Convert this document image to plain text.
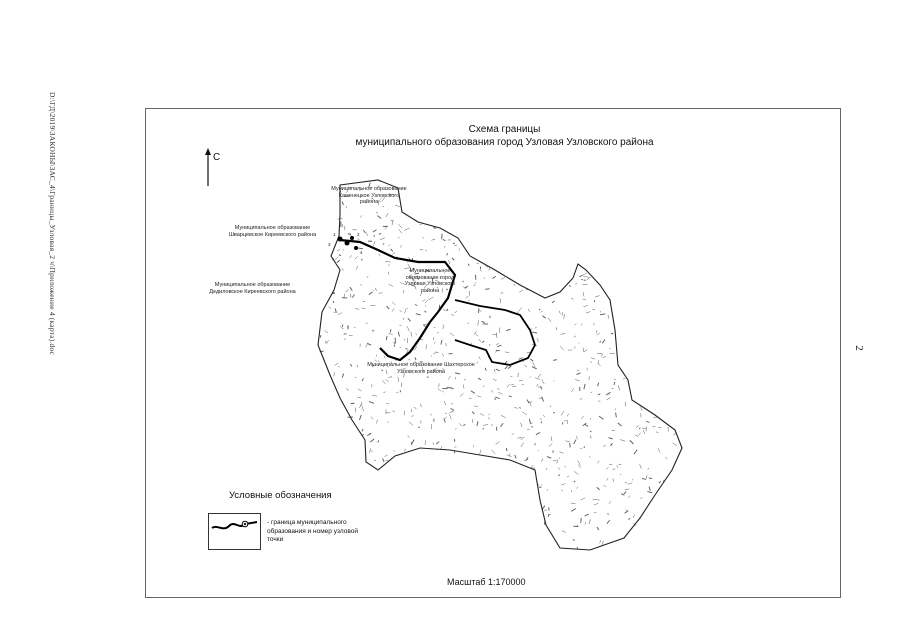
D:\ГД\2019\ЗАКОНЫ\ЗАС_4\Границы_Узловая_2 ч\Приложение 4 (карта).doc	2
Схема границы
муниципального образования город Узловая Узловского района
С
Муниципальное образование Каменецкое Узловского района
Муниципальное образование Шварцевское Киреевского района
Муниципальное образование Дедиловское Киреевского района
Муниципальное образование город Узловая Узловского района
Муниципальное образование Шахтерское Узловского района
1	2
3
4
Условные обозначения
- граница муниципального образования и номер узловой точки
Масштаб 1:170000
